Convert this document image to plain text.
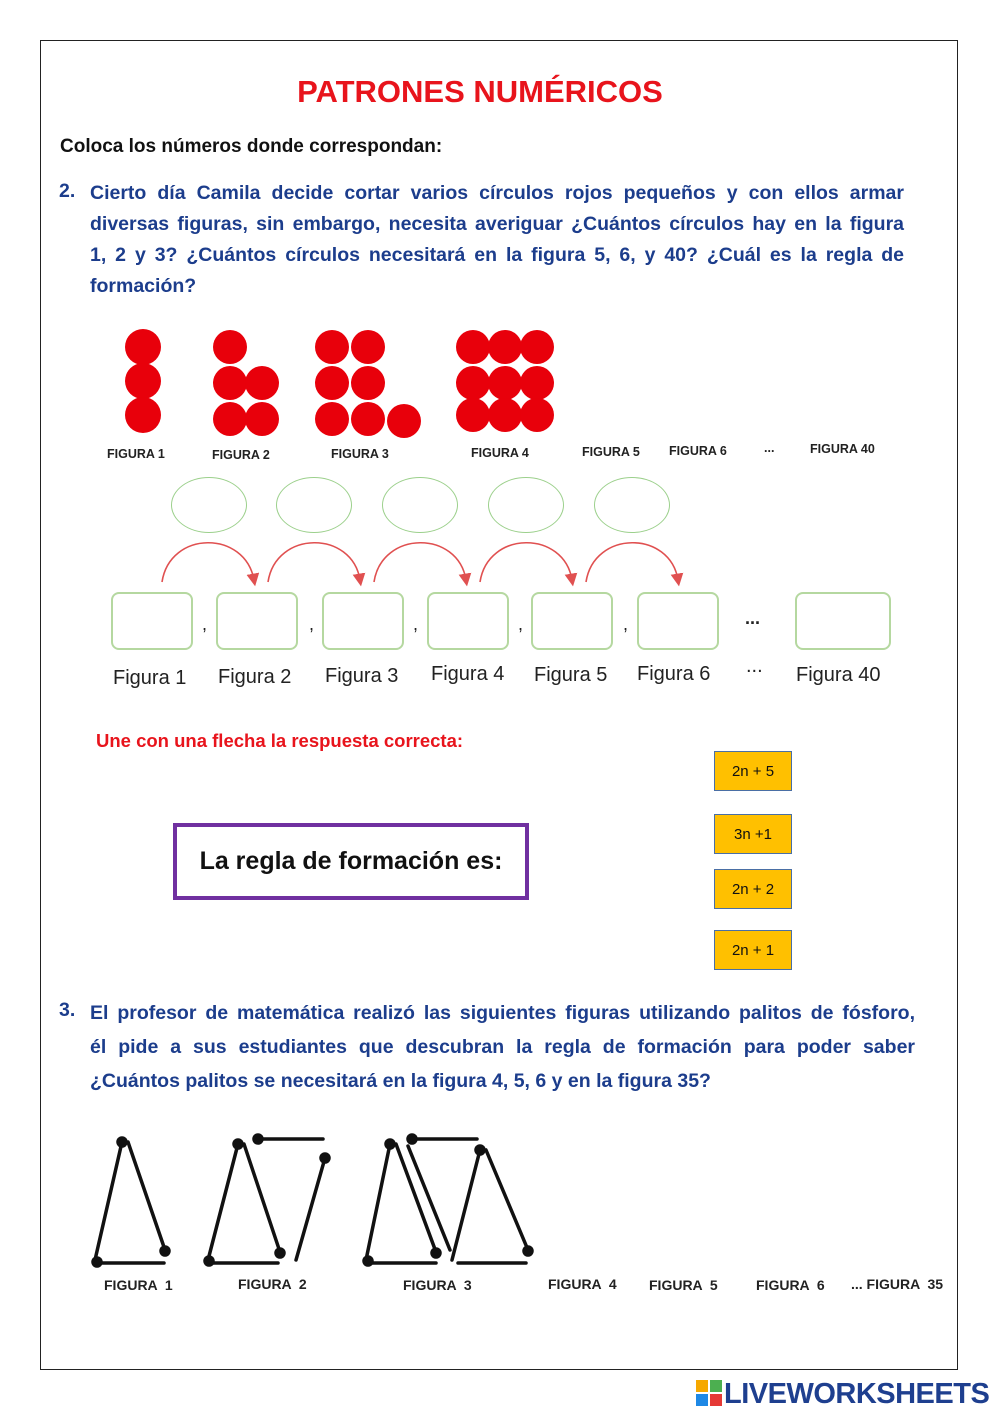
PATRONES NUMÉRICOS
Coloca los números donde correspondan:
2. Cierto día Camila decide cortar varios círculos rojos pequeños y con ellos armar
diversas figuras, sin embargo, necesita averiguar ¿Cuántos círculos hay en la figura
1, 2 y 3? ¿Cuántos círculos necesitará en la figura 5, 6, y 40? ¿Cuál es la regla de
formación?
FIGURA 1	FIGURA 2	FIGURA 3	FIGURA 4	FIGURA 5 FIGURA 6	...	FIGURA 40
,	,	,	,	,	...
Figura 1 Figura 2 Figura 3 Figura 4 Figura 5 Figura 6 ... Figura 40
Une con una flecha la respuesta correcta:
La regla de formación es:
2n + 5
3n +1
2n + 2
2n + 1
3. El profesor de matemática realizó las siguientes figuras utilizando palitos de fósforo,
él pide a sus estudiantes que descubran la regla de formación para poder saber
¿Cuántos palitos se necesitará en la figura 4, 5, 6 y en la figura 35?
FIGURA  1	FIGURA  2	FIGURA  3	FIGURA  4 FIGURA  5	FIGURA  6 ... FIGURA  35
LIVEWORKSHEETS
